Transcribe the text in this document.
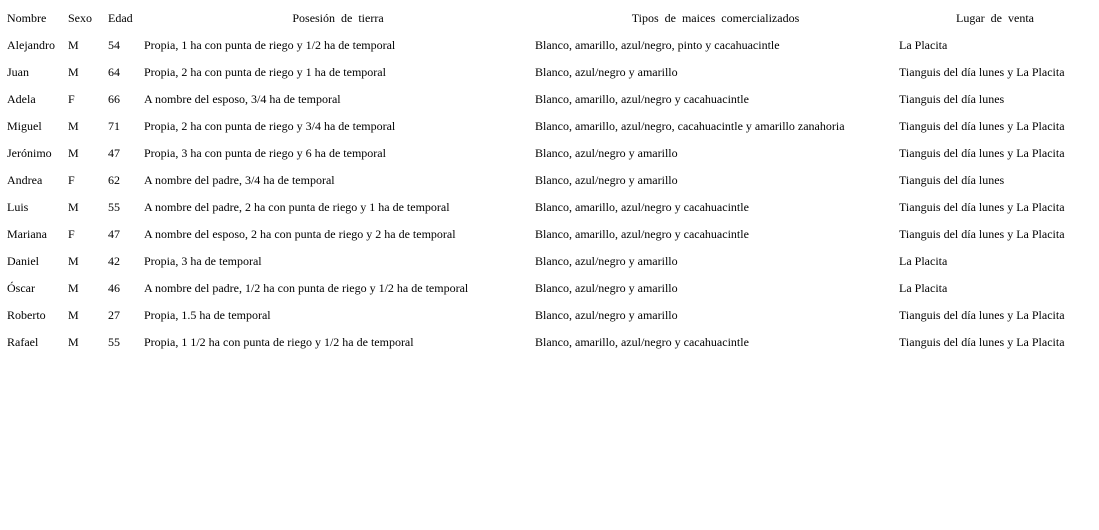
Nombre	Sexo	Edad	Posesión de tierra	Tipos de maices comercializados	Lugar de venta
Alejandro	M	54	Propia, 1 ha con punta de riego y 1/2 ha de temporal	Blanco, amarillo, azul/negro, pinto y cacahuacintle	La Placita
Juan	M	64	Propia, 2 ha con punta de riego y 1 ha de temporal	Blanco, azul/negro y amarillo	Tianguis del día lunes y La Placita
Adela	F	66	A nombre del esposo, 3/4 ha de temporal	Blanco, amarillo, azul/negro y cacahuacintle	Tianguis del día lunes
Miguel	M	71	Propia, 2 ha con punta de riego y 3/4 ha de temporal	Blanco, amarillo, azul/negro, cacahuacintle y amarillo zanahoria	Tianguis del día lunes y La Placita
Jerónimo	M	47	Propia, 3 ha con punta de riego y 6 ha de temporal	Blanco, azul/negro y amarillo	Tianguis del día lunes y La Placita
Andrea	F	62	A nombre del padre, 3/4 ha de temporal	Blanco, azul/negro y amarillo	Tianguis del día lunes
Luis	M	55	A nombre del padre, 2 ha con punta de riego y 1 ha de temporal	Blanco, amarillo, azul/negro y cacahuacintle	Tianguis del día lunes y La Placita
Mariana	F	47	A nombre del esposo, 2 ha con punta de riego y 2 ha de temporal	Blanco, amarillo, azul/negro y cacahuacintle	Tianguis del día lunes y La Placita
Daniel	M	42	Propia, 3 ha de temporal	Blanco, azul/negro y amarillo	La Placita
Óscar	M	46	A nombre del padre, 1/2 ha con punta de riego y 1/2 ha de temporal	Blanco, azul/negro y amarillo	La Placita
Roberto	M	27	Propia, 1.5 ha de temporal	Blanco, azul/negro y amarillo	Tianguis del día lunes y La Placita
Rafael	M	55	Propia, 1 1/2 ha con punta de riego y 1/2 ha de temporal	Blanco, amarillo, azul/negro y cacahuacintle	Tianguis del día lunes y La Placita
